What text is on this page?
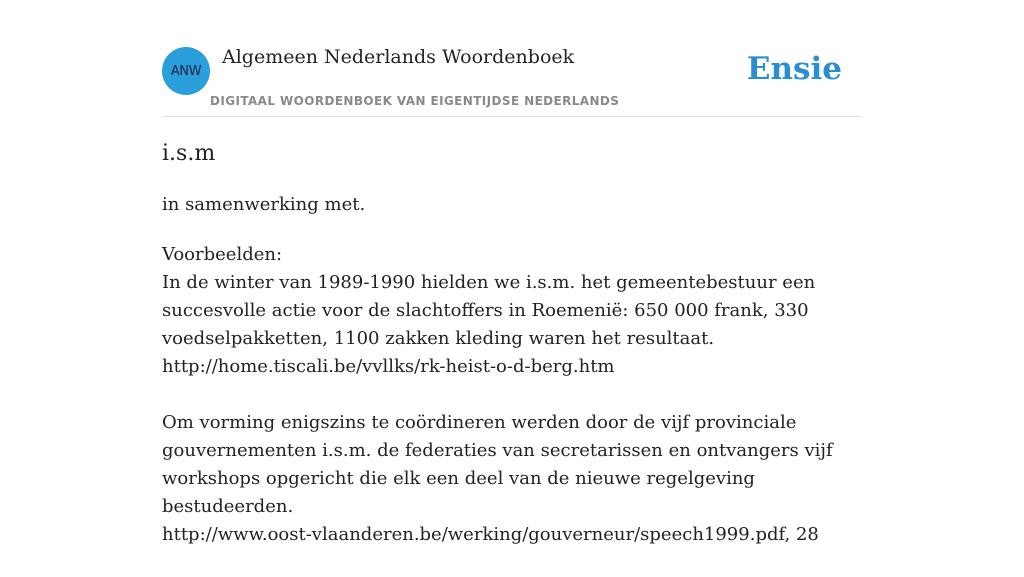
ANW
Algemeen Nederlands Woordenboek
DIGITAAL WOORDENBOEK VAN EIGENTIJDSE NEDERLANDS
Ensie
i.s.m
in samenwerking met.
Voorbeelden:
In de winter van 1989-1990 hielden we i.s.m. het gemeentebestuur een
succesvolle actie voor de slachtoffers in Roemenië: 650 000 frank, 330
voedselpakketten, 1100 zakken kleding waren het resultaat.
http://home.tiscali.be/vvllks/rk-heist-o-d-berg.htm
Om vorming enigszins te coördineren werden door de vijf provinciale
gouvernementen i.s.m. de federaties van secretarissen en ontvangers vijf
workshops opgericht die elk een deel van de nieuwe regelgeving bestudeerden.
http://www.oost-vlaanderen.be/werking/gouverneur/speech1999.pdf, 28
